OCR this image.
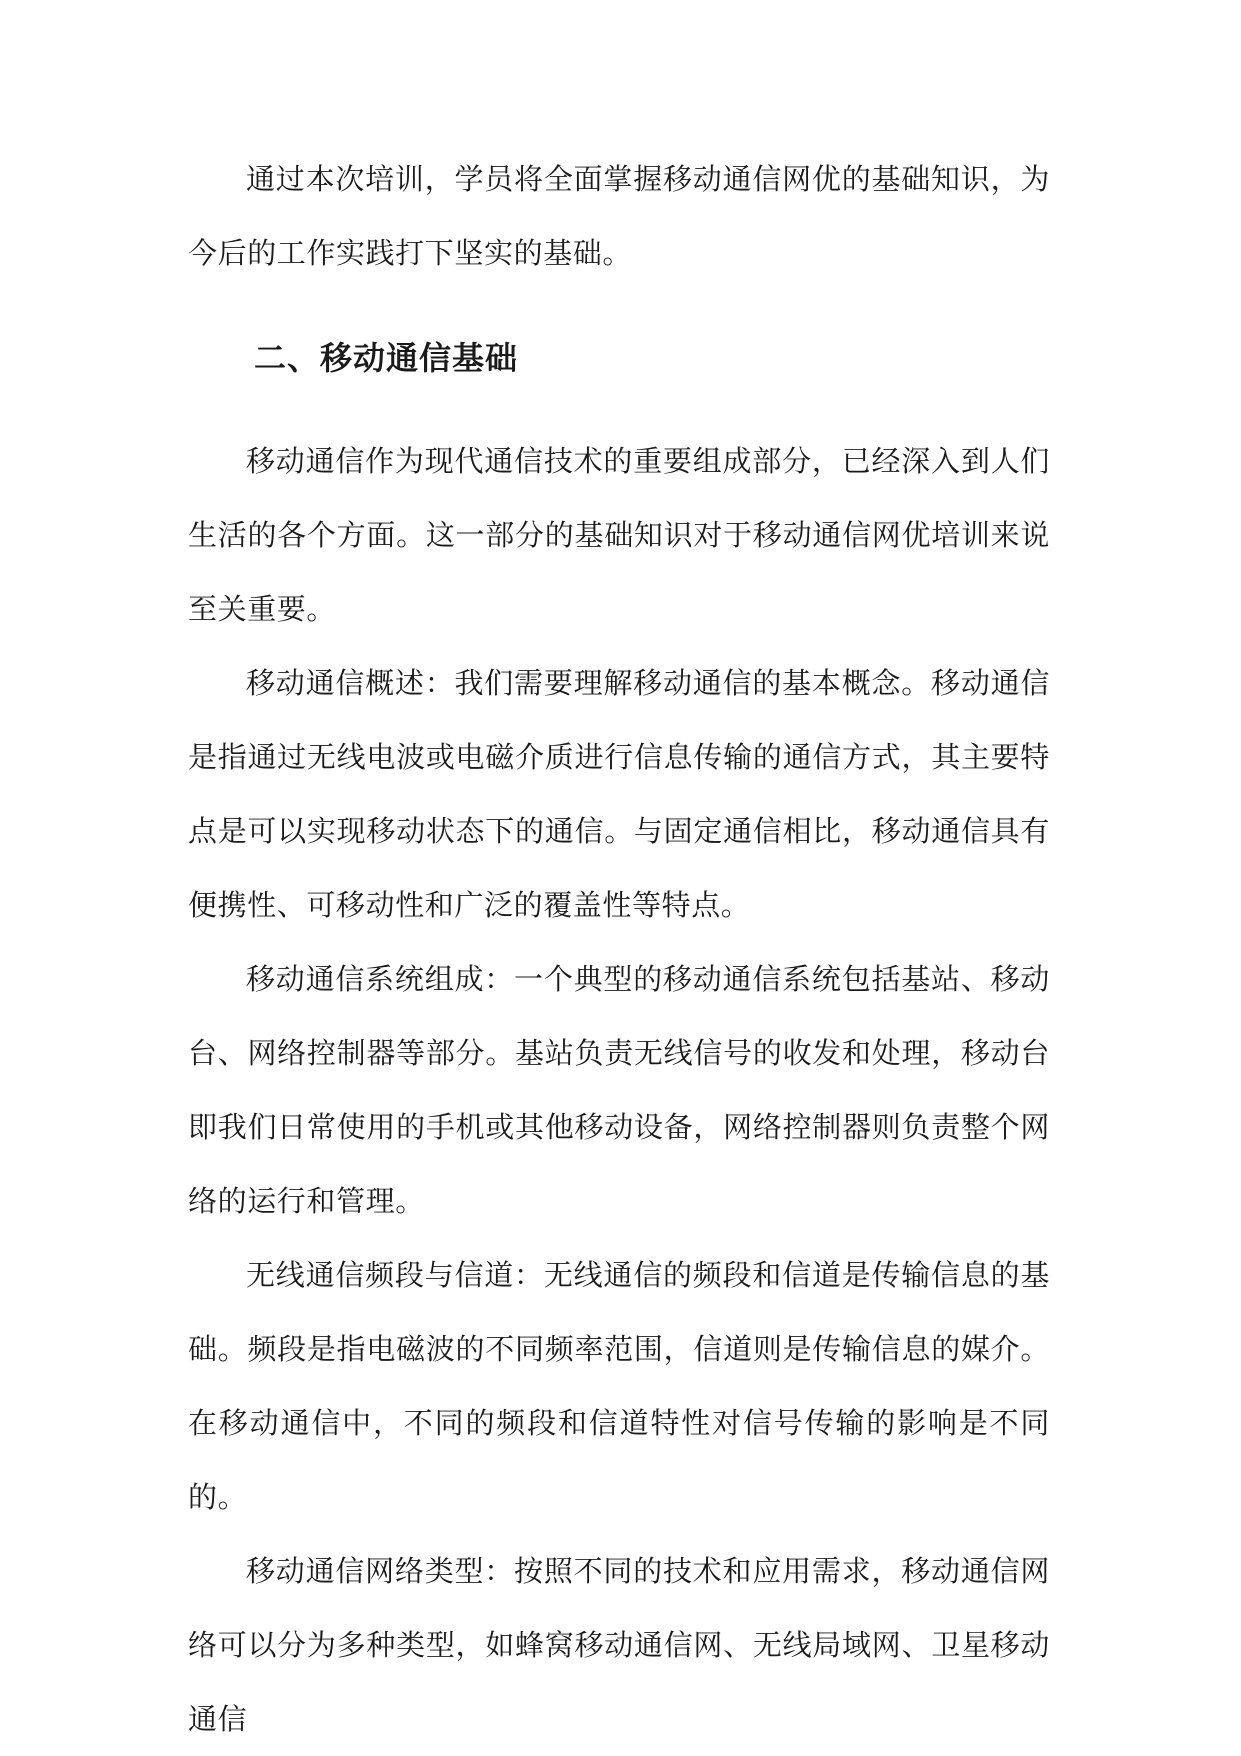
通过本次培训，学员将全面掌握移动通信网优的基础知识，为今后的工作实践打下坚实的基础。

二、移动通信基础

移动通信作为现代通信技术的重要组成部分，已经深入到人们生活的各个方面。这一部分的基础知识对于移动通信网优培训来说至关重要。

移动通信概述：我们需要理解移动通信的基本概念。移动通信是指通过无线电波或电磁介质进行信息传输的通信方式，其主要特点是可以实现移动状态下的通信。与固定通信相比，移动通信具有便携性、可移动性和广泛的覆盖性等特点。

移动通信系统组成：一个典型的移动通信系统包括基站、移动台、网络控制器等部分。基站负责无线信号的收发和处理，移动台即我们日常使用的手机或其他移动设备，网络控制器则负责整个网络的运行和管理。

无线通信频段与信道：无线通信的频段和信道是传输信息的基础。频段是指电磁波的不同频率范围，信道则是传输信息的媒介。在移动通信中，不同的频段和信道特性对信号传输的影响是不同的。

移动通信网络类型：按照不同的技术和应用需求，移动通信网络可以分为多种类型，如蜂窝移动通信网、无线局域网、卫星移动通信
